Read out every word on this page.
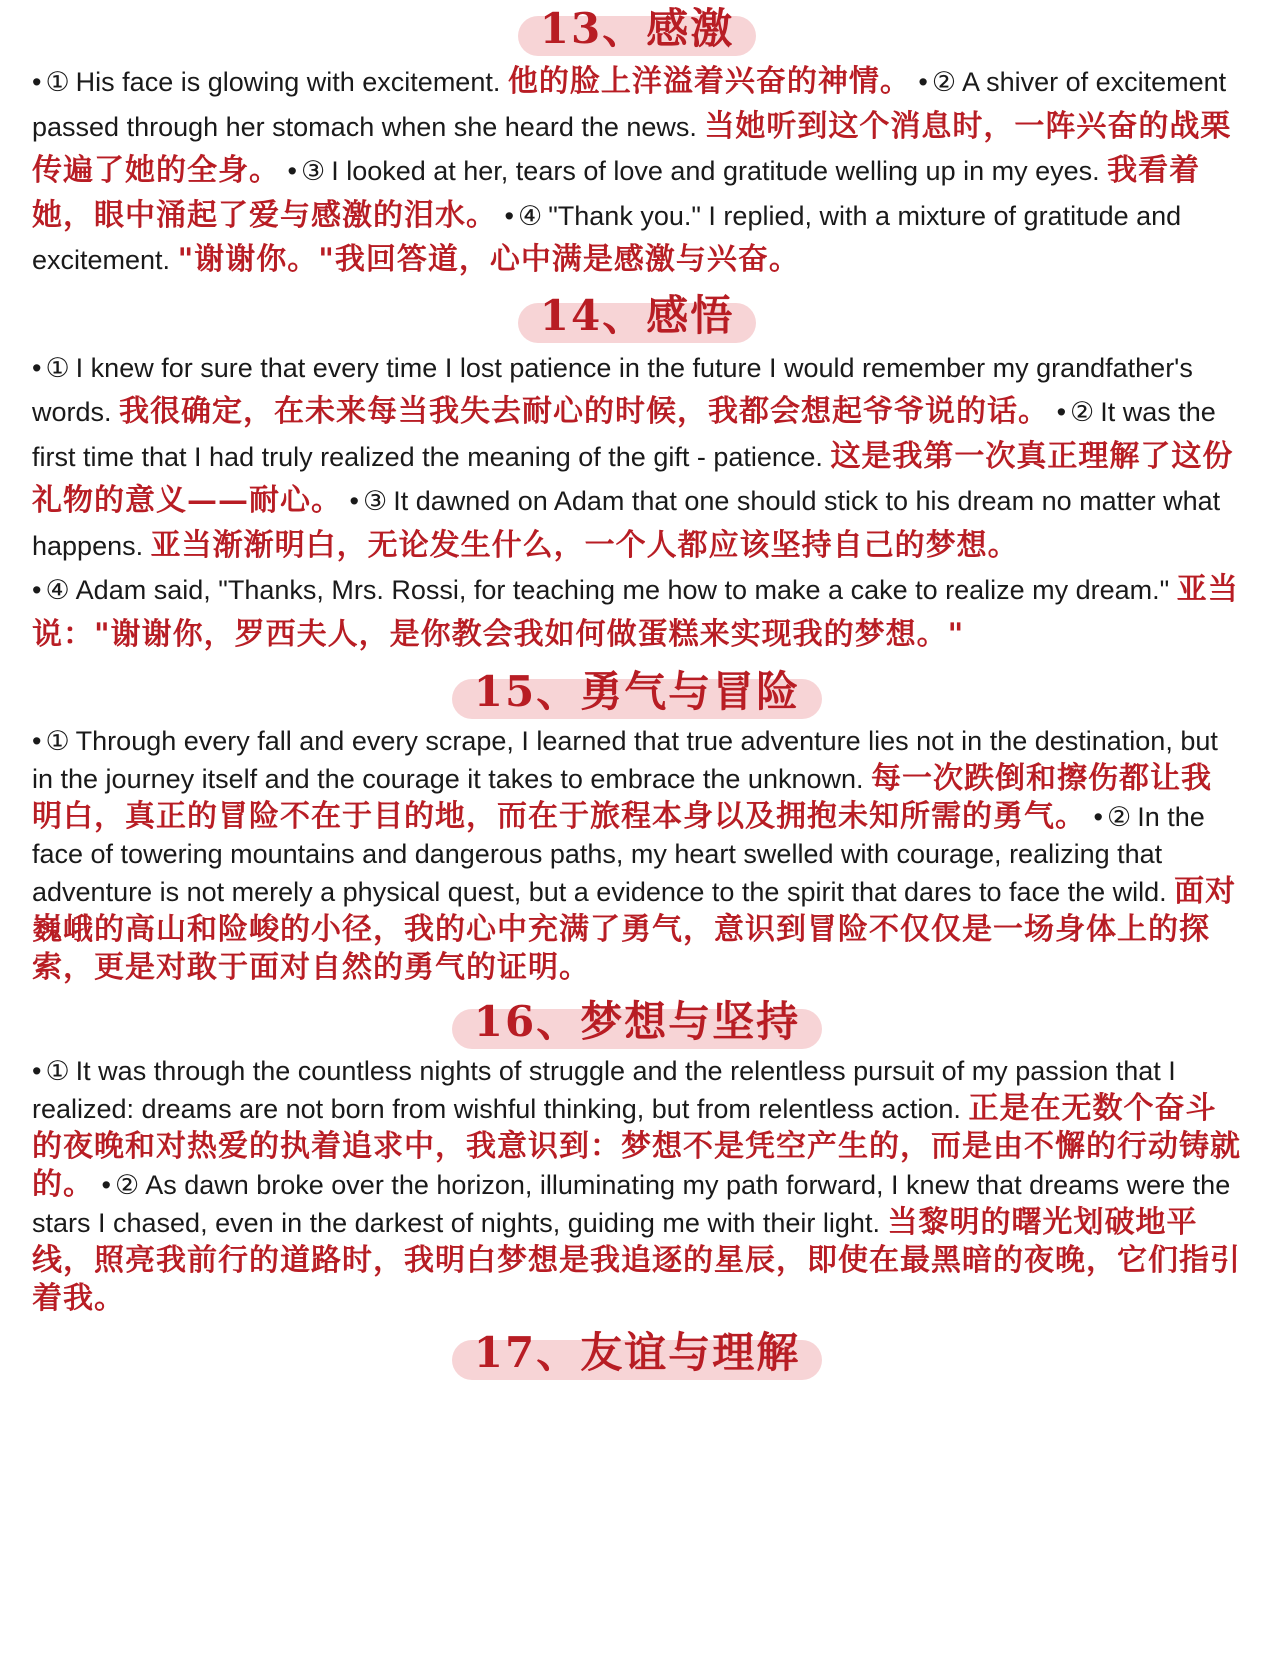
13、感激

• ① His face is glowing with excitement. 他的脸上洋溢着兴奋的神情。 • ② A shiver of excitement passed through her stomach when she heard the news. 当她听到这个消息时，一阵兴奋的战栗传遍了她的全身。 • ③ I looked at her, tears of love and gratitude welling up in my eyes. 我看着她，眼中涌起了爱与感激的泪水。 • ④ "Thank you." I replied, with a mixture of gratitude and excitement. "谢谢你。"我回答道，心中满是感激与兴奋。

14、感悟

• ① I knew for sure that every time I lost patience in the future I would remember my grandfather's words. 我很确定，在未来每当我失去耐心的时候，我都会想起爷爷说的话。 • ② It was the first time that I had truly realized the meaning of the gift - patience. 这是我第一次真正理解了这份礼物的意义——耐心。 • ③ It dawned on Adam that one should stick to his dream no matter what happens. 亚当渐渐明白，无论发生什么，一个人都应该坚持自己的梦想。

• ④ Adam said, "Thanks, Mrs. Rossi, for teaching me how to make a cake to realize my dream." 亚当说："谢谢你，罗西夫人，是你教会我如何做蛋糕来实现我的梦想。"

15、勇气与冒险

• ① Through every fall and every scrape, I learned that true adventure lies not in the destination, but in the journey itself and the courage it takes to embrace the unknown. 每一次跌倒和擦伤都让我明白，真正的冒险不在于目的地，而在于旅程本身以及拥抱未知所需的勇气。 • ② In the face of towering mountains and dangerous paths, my heart swelled with courage, realizing that adventure is not merely a physical quest, but a evidence to the spirit that dares to face the wild. 面对巍峨的高山和险峻的小径，我的心中充满了勇气，意识到冒险不仅仅是一场身体上的探索，更是对敢于面对自然的勇气的证明。

16、梦想与坚持

• ① It was through the countless nights of struggle and the relentless pursuit of my passion that I realized: dreams are not born from wishful thinking, but from relentless action. 正是在无数个奋斗的夜晚和对热爱的执着追求中，我意识到：梦想不是凭空产生的，而是由不懈的行动铸就的。 • ② As dawn broke over the horizon, illuminating my path forward, I knew that dreams were the stars I chased, even in the darkest of nights, guiding me with their light. 当黎明的曙光划破地平线，照亮我前行的道路时，我明白梦想是我追逐的星辰，即使在最黑暗的夜晚，它们指引着我。

17、友谊与理解
